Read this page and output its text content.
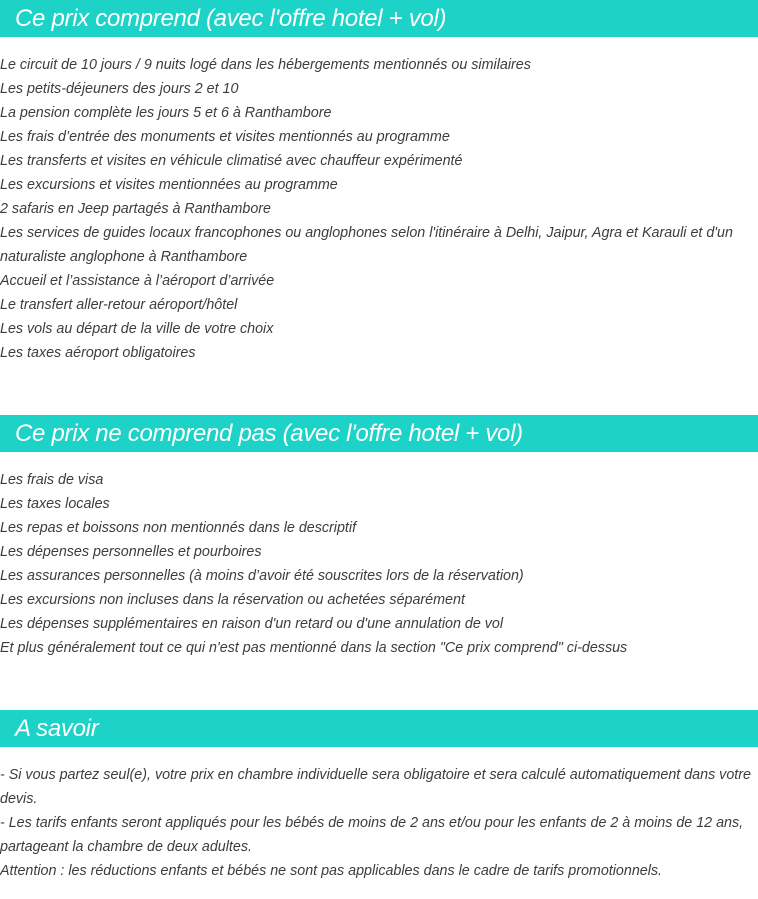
Ce prix comprend (avec l'offre hotel + vol)
Le circuit de 10 jours / 9 nuits logé dans les hébergements mentionnés ou similaires
Les petits-déjeuners des jours 2 et 10
La pension complète les jours 5 et 6 à Ranthambore
Les frais d’entrée des monuments et visites mentionnés au programme
Les transferts et visites en véhicule climatisé avec chauffeur expérimenté
Les excursions et visites mentionnées au programme
2 safaris en Jeep partagés à Ranthambore
Les services de guides locaux francophones ou anglophones selon l'itinéraire à Delhi, Jaipur, Agra et Karauli et d'un naturaliste anglophone à Ranthambore
Accueil et l’assistance à l’aéroport d’arrivée
Le transfert aller-retour aéroport/hôtel
Les vols au départ de la ville de votre choix
Les taxes aéroport obligatoires
Ce prix ne comprend pas (avec l'offre hotel + vol)
Les frais de visa
Les taxes locales
Les repas et boissons non mentionnés dans le descriptif
Les dépenses personnelles et pourboires
Les assurances personnelles (à moins d’avoir été souscrites lors de la réservation)
Les excursions non incluses dans la réservation ou achetées séparément
Les dépenses supplémentaires en raison d'un retard ou d'une annulation de vol
Et plus généralement tout ce qui n'est pas mentionné dans la section "Ce prix comprend" ci-dessus
A savoir
- Si vous partez seul(e), votre prix en chambre individuelle sera obligatoire et sera calculé automatiquement dans votre devis.
- Les tarifs enfants seront appliqués pour les bébés de moins de 2 ans et/ou pour les enfants de 2 à moins de 12 ans, partageant la chambre de deux adultes.
Attention : les réductions enfants et bébés ne sont pas applicables dans le cadre de tarifs promotionnels.
